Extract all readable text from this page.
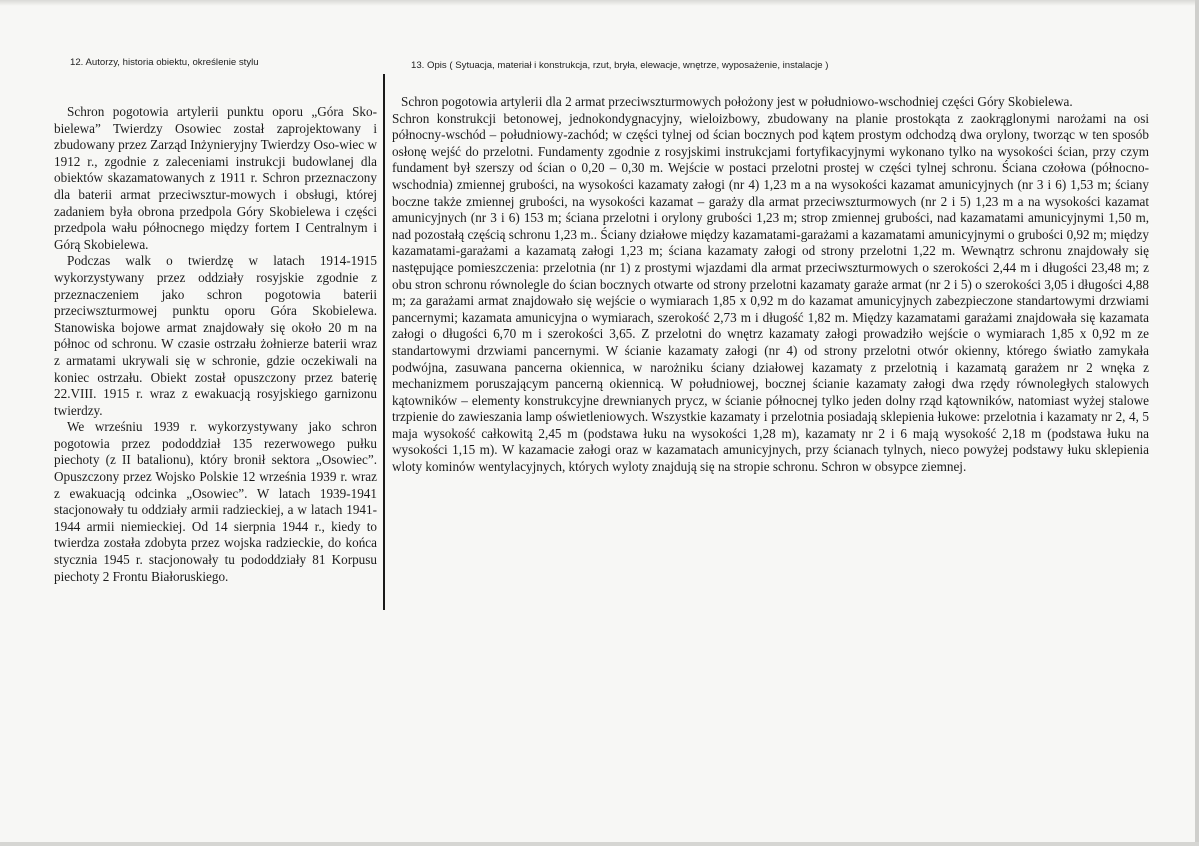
12. Autorzy, historia obiektu, określenie stylu	13. Opis ( Sytuacja, materiał i konstrukcja, rzut, bryła, elewacje, wnętrze, wyposażenie, instalacje )

Schron pogotowia artylerii punktu oporu „Góra Sko-bielewa” Twierdzy Osowiec został zaprojektowany i zbudowany przez Zarząd Inżynieryjny Twierdzy Oso-wiec w 1912 r., zgodnie z zaleceniami instrukcji budowlanej dla obiektów skazamatowanych z 1911 r. Schron przeznaczony dla baterii armat przeciwsztur-mowych i obsługi, której zadaniem była obrona przedpola Góry Skobielewa i części przedpola wału północnego między fortem I Centralnym i Górą Skobielewa.

Podczas walk o twierdzę w latach 1914-1915 wykorzystywany przez oddziały rosyjskie zgodnie z przeznaczeniem jako schron pogotowia baterii przeciwszturmowej punktu oporu Góra Skobielewa. Stanowiska bojowe armat znajdowały się około 20 m na północ od schronu. W czasie ostrzału żołnierze baterii wraz z armatami ukrywali się w schronie, gdzie oczekiwali na koniec ostrzału. Obiekt został opuszczony przez baterię 22.VIII. 1915 r. wraz z ewakuacją rosyjskiego garnizonu twierdzy.

We wrześniu 1939 r. wykorzystywany jako schron pogotowia przez pododdział 135 rezerwowego pułku piechoty (z II batalionu), który bronił sektora „Osowiec”. Opuszczony przez Wojsko Polskie 12 września 1939 r. wraz z ewakuacją odcinka „Osowiec”. W latach 1939-1941 stacjonowały tu oddziały armii radzieckiej, a w latach 1941-1944 armii niemieckiej. Od 14 sierpnia 1944 r., kiedy to twierdza została zdobyta przez wojska radzieckie, do końca stycznia 1945 r. stacjonowały tu pododdziały 81 Korpusu piechoty 2 Frontu Białoruskiego.

Schron pogotowia artylerii dla 2 armat przeciwszturmowych położony jest w południowo-wschodniej części Góry Skobielewa.

Schron konstrukcji betonowej, jednokondygnacyjny, wieloizbowy, zbudowany na planie prostokąta z zaokrąglonymi narożami na osi północny-wschód – południowy-zachód; w części tylnej od ścian bocznych pod kątem prostym odchodzą dwa orylony, tworząc w ten sposób osłonę wejść do przelotni. Fundamenty zgodnie z rosyjskimi instrukcjami fortyfikacyjnymi wykonano tylko na wysokości ścian, przy czym fundament był szerszy od ścian o 0,20 – 0,30 m. Wejście w postaci przelotni prostej w części tylnej schronu. Ściana czołowa (północno-wschodnia) zmiennej grubości, na wysokości kazamaty załogi (nr 4) 1,23 m a na wysokości kazamat amunicyjnych (nr 3 i 6) 1,53 m; ściany boczne także zmiennej grubości, na wysokości kazamat – garaży dla armat przeciwszturmowych (nr 2 i 5) 1,23 m a na wysokości kazamat amunicyjnych (nr 3 i 6) 153 m; ściana przelotni i orylony grubości 1,23 m; strop zmiennej grubości, nad kazamatami amunicyjnymi 1,50 m, nad pozostałą częścią schronu 1,23 m.. Ściany działowe między kazamatami-garażami a kazamatami amunicyjnymi o grubości 0,92 m; między kazamatami-garażami a kazamatą załogi 1,23 m; ściana kazamaty załogi od strony przelotni 1,22 m. Wewnątrz schronu znajdowały się następujące pomieszczenia: przelotnia (nr 1) z prostymi wjazdami dla armat przeciwszturmowych o szerokości 2,44 m i długości 23,48 m; z obu stron schronu równolegle do ścian bocznych otwarte od strony przelotni kazamaty garaże armat (nr 2 i 5) o szerokości 3,05 i długości 4,88 m; za garażami armat znajdowało się wejście o wymiarach 1,85 x 0,92 m do kazamat amunicyjnych zabezpieczone standartowymi drzwiami pancernymi; kazamata amunicyjna o wymiarach, szerokość 2,73 m i długość 1,82 m. Między kazamatami garażami znajdowała się kazamata załogi o długości 6,70 m i szerokości 3,65. Z przelotni do wnętrz kazamaty załogi prowadziło wejście o wymiarach 1,85 x 0,92 m ze standartowymi drzwiami pancernymi. W ścianie kazamaty załogi (nr 4) od strony przelotni otwór okienny, którego światło zamykała podwójna, zasuwana pancerna okiennica, w narożniku ściany działowej kazamaty z przelotnią i kazamatą garażem nr 2 wnęka z mechanizmem poruszającym pancerną okiennicą. W południowej, bocznej ścianie kazamaty załogi dwa rzędy równoległych stalowych kątowników – elementy konstrukcyjne drewnianych prycz, w ścianie północnej tylko jeden dolny rząd kątowników, natomiast wyżej stalowe trzpienie do zawieszania lamp oświetleniowych. Wszystkie kazamaty i przelotnia posiadają sklepienia łukowe: przelotnia i kazamaty nr 2, 4, 5 maja wysokość całkowitą 2,45 m (podstawa łuku na wysokości 1,28 m), kazamaty nr 2 i 6 mają wysokość 2,18 m (podstawa łuku na wysokości 1,15 m). W kazamacie załogi oraz w kazamatach amunicyjnych, przy ścianach tylnych, nieco powyżej podstawy łuku sklepienia wloty kominów wentylacyjnych, których wyloty znajdują się na stropie schronu. Schron w obsypce ziemnej.
